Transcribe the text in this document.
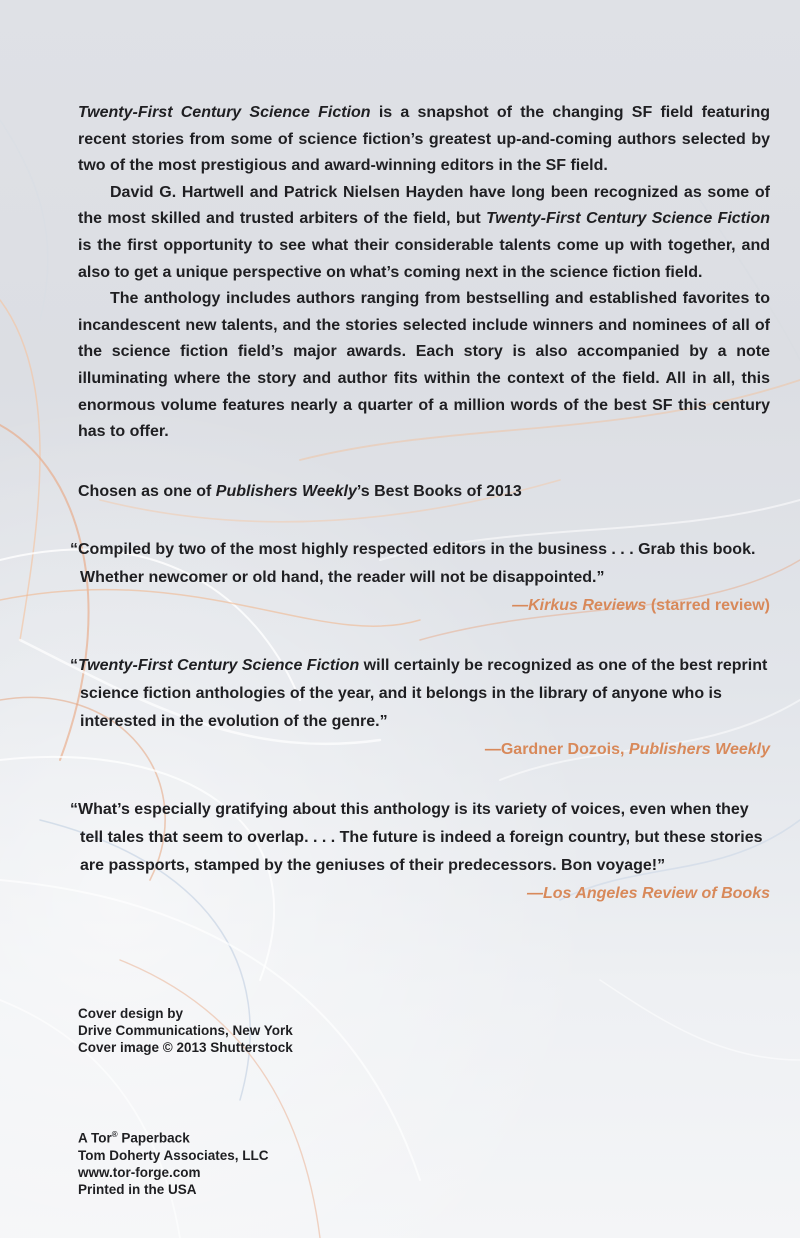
Twenty-First Century Science Fiction is a snapshot of the changing SF field featuring recent stories from some of science fiction’s greatest up-and-coming authors selected by two of the most prestigious and award-winning editors in the SF field.

David G. Hartwell and Patrick Nielsen Hayden have long been recognized as some of the most skilled and trusted arbiters of the field, but Twenty-First Century Science Fiction is the first opportunity to see what their considerable talents come up with together, and also to get a unique perspective on what’s coming next in the science fiction field.

The anthology includes authors ranging from bestselling and established favorites to incandescent new talents, and the stories selected include winners and nominees of all of the science fiction field’s major awards. Each story is also accompanied by a note illuminating where the story and author fits within the context of the field. All in all, this enormous volume features nearly a quarter of a million words of the best SF this century has to offer.

Chosen as one of Publishers Weekly’s Best Books of 2013

“Compiled by two of the most highly respected editors in the business . . . Grab this book. Whether newcomer or old hand, the reader will not be disappointed.”

—Kirkus Reviews (starred review)

“Twenty-First Century Science Fiction will certainly be recognized as one of the best reprint science fiction anthologies of the year, and it belongs in the library of anyone who is interested in the evolution of the genre.”

—Gardner Dozois, Publishers Weekly

“What’s especially gratifying about this anthology is its variety of voices, even when they tell tales that seem to overlap. . . . The future is indeed a foreign country, but these stories are passports, stamped by the geniuses of their predecessors. Bon voyage!”

—Los Angeles Review of Books

Cover design by
Drive Communications, New York
Cover image © 2013 Shutterstock
A Tor® Paperback
Tom Doherty Associates, LLC
www.tor-forge.com
Printed in the USA
